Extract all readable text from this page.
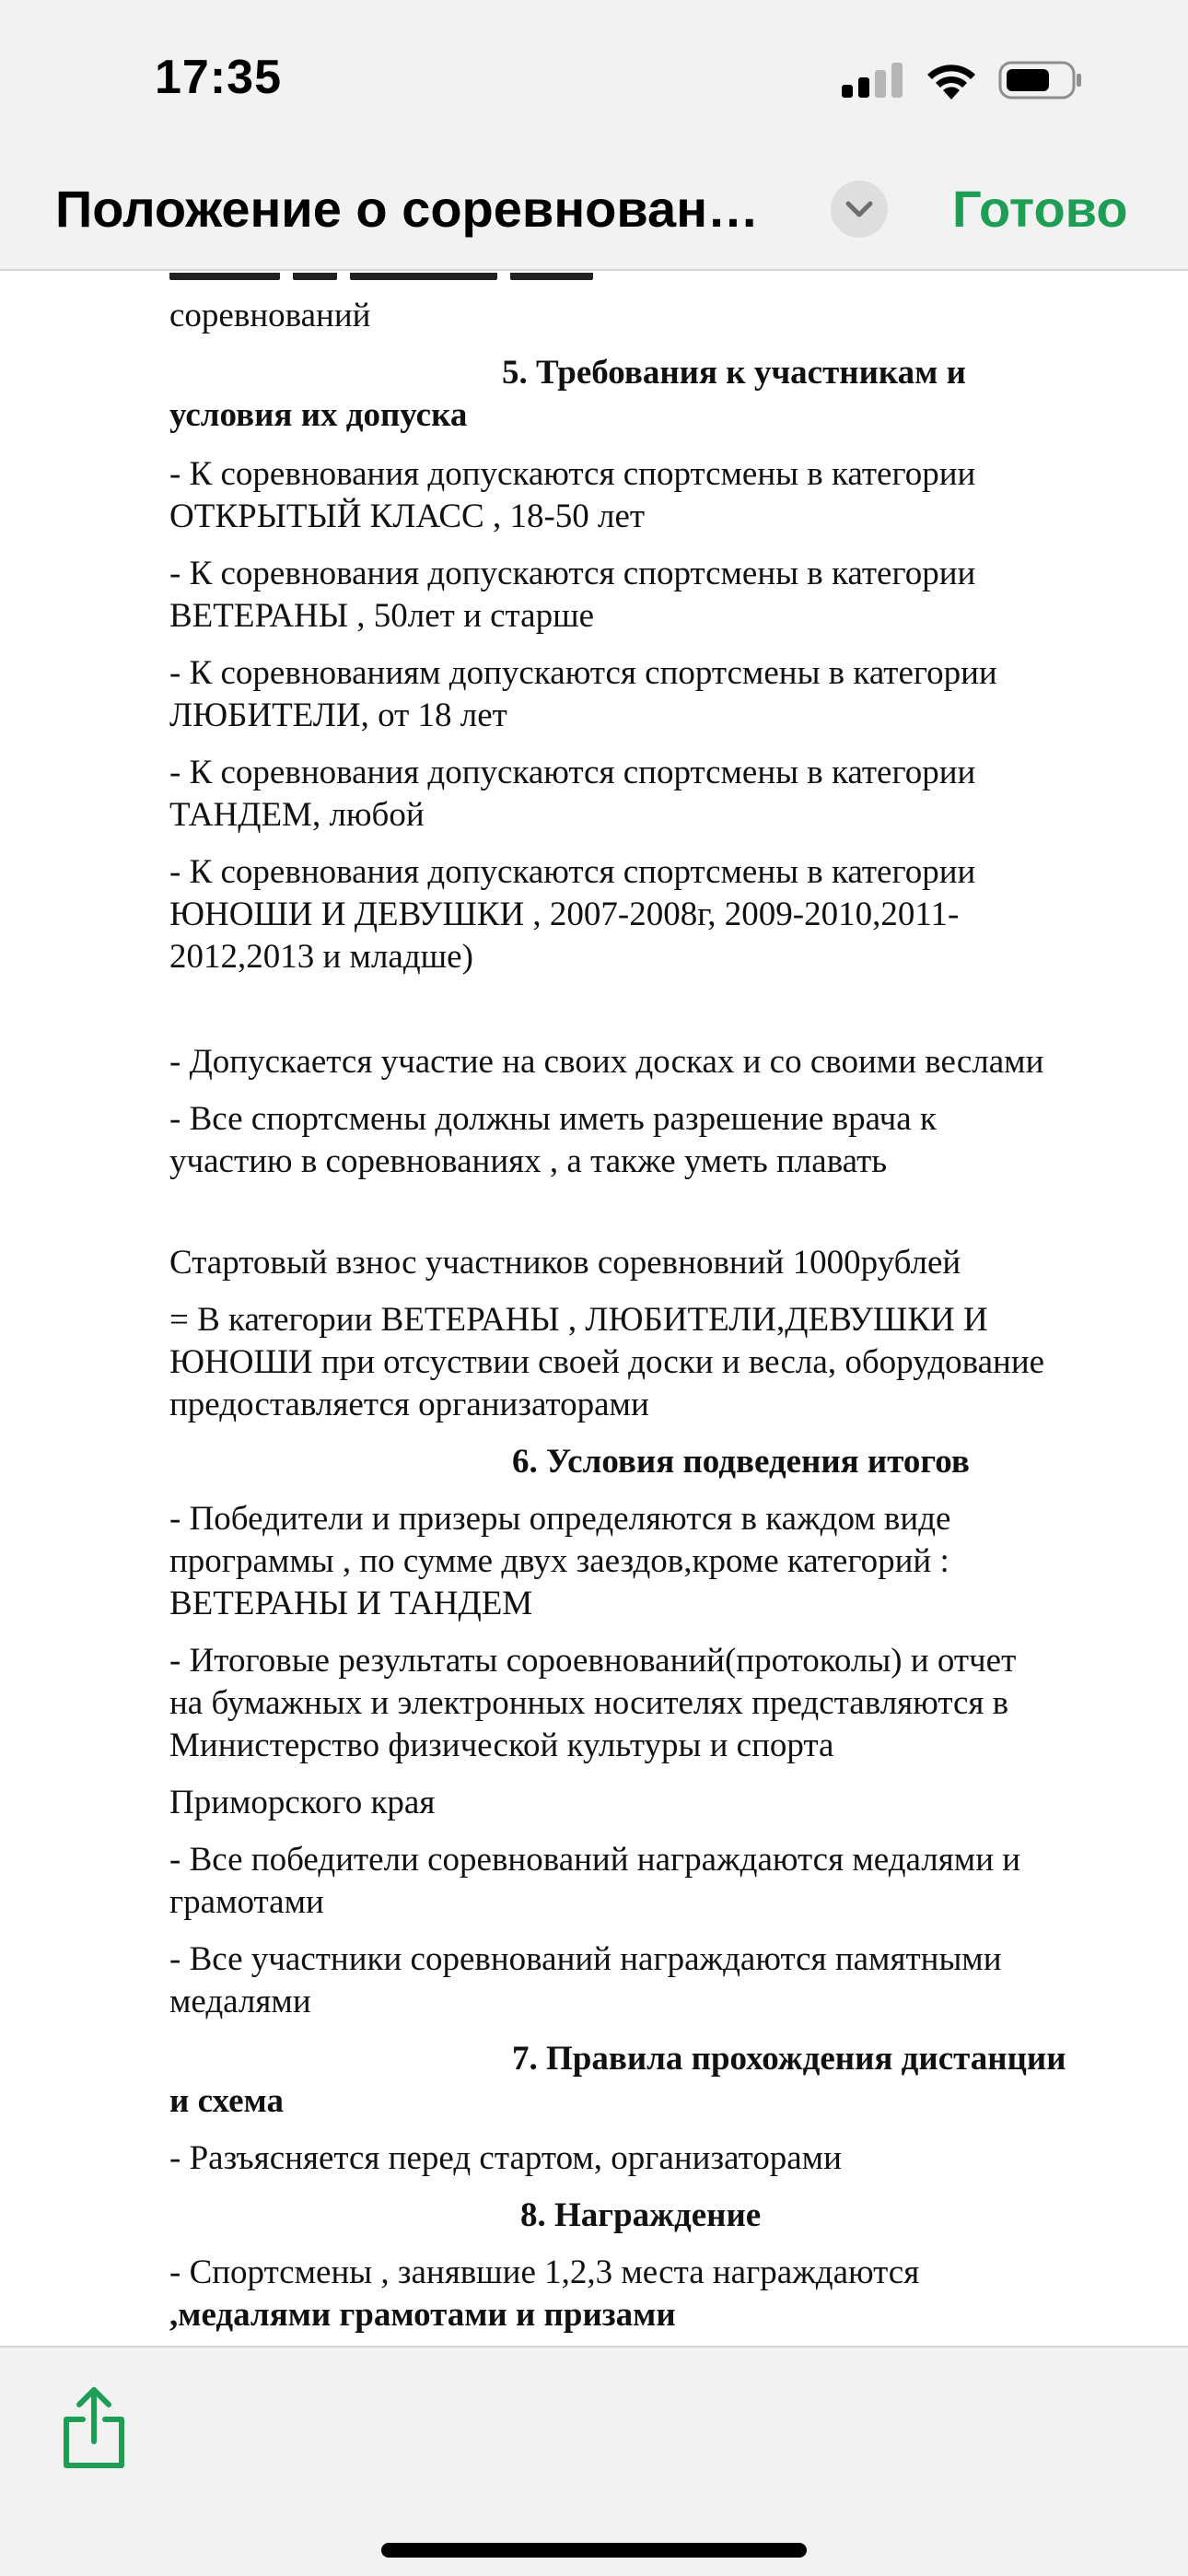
17:35
Положение о соревнован…	Готово
соревнований
5. Требования к участникам и
условия их допуска
- К соревнования допускаются спортсмены в категории
ОТКРЫТЫЙ КЛАСС , 18-50 лет
- К соревнования допускаются спортсмены в категории
ВЕТЕРАНЫ , 50лет и старше
- К соревнованиям допускаются спортсмены в категории
ЛЮБИТЕЛИ, от 18 лет
- К соревнования допускаются спортсмены в категории
ТАНДЕМ, любой
- К соревнования допускаются спортсмены в категории
ЮНОШИ И ДЕВУШКИ , 2007-2008г, 2009-2010,2011-
2012,2013 и младше)
- Допускается участие на своих досках и со своими веслами
- Все спортсмены должны иметь разрешение врача к
участию в соревнованиях , а также уметь плавать
Стартовый взнос участников соревновний 1000рублей
= В категории ВЕТЕРАНЫ , ЛЮБИТЕЛИ,ДЕВУШКИ И
ЮНОШИ при отсуствии своей доски и весла, оборудование
предоставляется организаторами
6. Условия подведения итогов
- Победители и призеры определяются в каждом виде
программы , по сумме двух заездов,кроме категорий :
ВЕТЕРАНЫ И ТАНДЕМ
- Итоговые результаты сороевнований(протоколы) и отчет
на бумажных и электронных носителях представляются в
Министерство физической культуры и спорта
Приморского края
- Все победители соревнований награждаются медалями и
грамотами
- Все участники соревнований награждаются памятными
медалями
7. Правила прохождения дистанции
и схема
- Разъясняется перед стартом, организаторами
8. Награждение
- Спортсмены , занявшие 1,2,3 места награждаются
,медалями грамотами и призами
